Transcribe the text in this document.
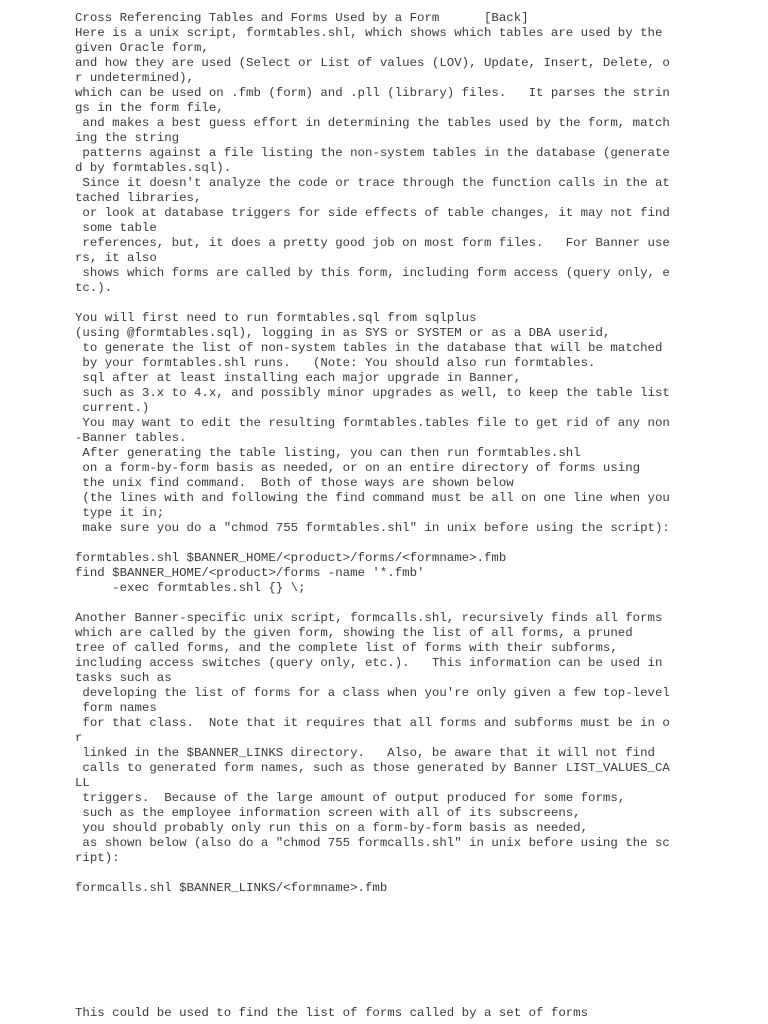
Cross Referencing Tables and Forms Used by a Form	[Back]
Here is a unix script, formtables.shl, which shows which tables are used by the
given Oracle form,
and how they are used (Select or List of values (LOV), Update, Insert, Delete, o
r undetermined),
which can be used on .fmb (form) and .pll (library) files.   It parses the strin
gs in the form file,
and makes a best guess effort in determining the tables used by the form, match
ing the string
patterns against a file listing the non-system tables in the database (generate
d by formtables.sql).
Since it doesn't analyze the code or trace through the function calls in the at
tached libraries,
or look at database triggers for side effects of table changes, it may not find
some table
references, but, it does a pretty good job on most form files.   For Banner use
rs, it also
shows which forms are called by this form, including form access (query only, e
tc.).
You will first need to run formtables.sql from sqlplus
(using @formtables.sql), logging in as SYS or SYSTEM or as a DBA userid,
to generate the list of non-system tables in the database that will be matched
by your formtables.shl runs.   (Note: You should also run formtables.
sql after at least installing each major upgrade in Banner,
such as 3.x to 4.x, and possibly minor upgrades as well, to keep the table list
current.)
You may want to edit the resulting formtables.tables file to get rid of any non
-Banner tables.
After generating the table listing, you can then run formtables.shl
on a form-by-form basis as needed, or on an entire directory of forms using
the unix find command.  Both of those ways are shown below
(the lines with and following the find command must be all on one line when you
type it in;
make sure you do a "chmod 755 formtables.shl" in unix before using the script):
formtables.shl $BANNER_HOME/<product>/forms/<formname>.fmb
find $BANNER_HOME/<product>/forms -name '*.fmb'
-exec formtables.shl {} \;
Another Banner-specific unix script, formcalls.shl, recursively finds all forms
which are called by the given form, showing the list of all forms, a pruned
tree of called forms, and the complete list of forms with their subforms,
including access switches (query only, etc.).   This information can be used in
tasks such as
developing the list of forms for a class when you're only given a few top-level
form names
for that class.  Note that it requires that all forms and subforms must be in o
r
linked in the $BANNER_LINKS directory.   Also, be aware that it will not find
calls to generated form names, such as those generated by Banner LIST_VALUES_CA
LL
triggers.  Because of the large amount of output produced for some forms,
such as the employee information screen with all of its subscreens,
you should probably only run this on a form-by-form basis as needed,
as shown below (also do a "chmod 755 formcalls.shl" in unix before using the sc
ript):
formcalls.shl $BANNER_LINKS/<formname>.fmb
This could be used to find the list of forms called by a set of forms
